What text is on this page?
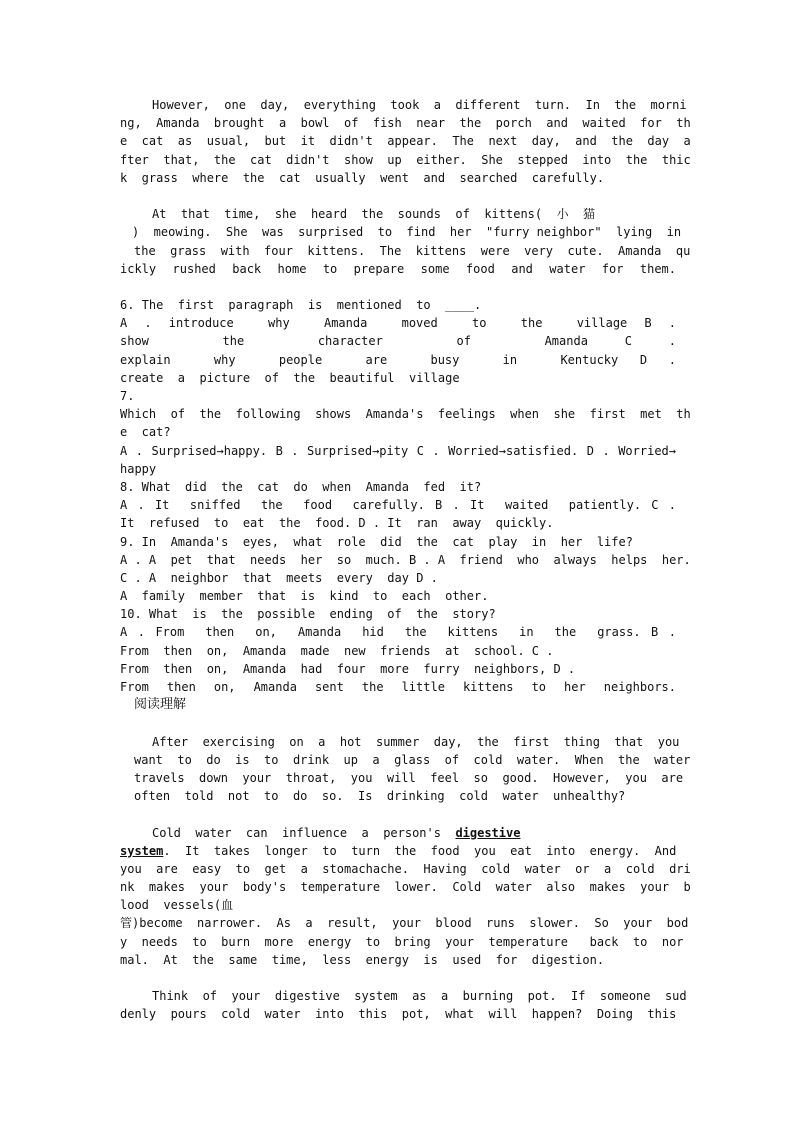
However,  one  day,  everything  took  a  different  turn.  In  the  morni
ng,  Amanda  brought  a  bowl  of  fish  near  the  porch  and  waited  for  th
e  cat  as  usual,  but  it  didn't  appear.  The  next  day,  and  the  day  a
fter  that,  the  cat  didn't  show  up  either.  She  stepped  into  the  thic
k  grass  where  the  cat  usually  went  and  searched  carefully.
At  that  time,  she  heard  the  sounds  of  kittens(  小  猫
)  meowing.  She  was  surprised  to  find  her  "furry neighbor"  lying  in
the  grass  with  four  kittens.  The  kittens  were  very  cute.  Amanda  qu
ickly  rushed  back  home  to  prepare  some  food  and  water  for  them.
6. The  first  paragraph  is  mentioned  to  ____.
A . introduce  why  Amanda  moved  to  the  village B .
show  the  character  of  Amanda C .
explain  why  people  are  busy  in  Kentucky D .
create  a  picture  of  the  beautiful  village
7.
Which  of  the  following  shows  Amanda's  feelings  when  she  first  met  th
e  cat?
A . Surprised→happy. B . Surprised→pity C . Worried→satisfied. D . Worried→
happy
8. What  did  the  cat  do  when  Amanda  fed  it?
A . It  sniffed  the  food  carefully. B . It  waited  patiently. C .
It  refused  to  eat  the  food. D . It  ran  away  quickly.
9. In  Amanda's  eyes,  what  role  did  the  cat  play  in  her  life?
A . A  pet  that  needs  her  so  much. B . A  friend  who  always  helps  her.
C . A  neighbor  that  meets  every  day D .
A  family  member  that  is  kind  to  each  other.
10. What  is  the  possible  ending  of  the  story?
A . From  then  on,  Amanda  hid  the  kittens  in  the  grass. B .
From  then  on,  Amanda  made  new  friends  at  school. C .
From  then  on,  Amanda  had  four  more  furry  neighbors, D .
From  then  on,  Amanda  sent  the  little  kittens  to  her  neighbors.
阅读理解
After  exercising  on  a  hot  summer  day,  the  first  thing  that  you
want  to  do  is  to  drink  up  a  glass  of  cold  water.  When  the  water
travels  down  your  throat,  you  will  feel  so  good.  However,  you  are
often  told  not  to  do  so.  Is  drinking  cold  water  unhealthy?
Cold  water  can  influence  a  person's  digestive
system.  It  takes  longer  to  turn  the  food  you  eat  into  energy.  And
you  are  easy  to  get  a  stomachache.  Having  cold  water  or  a  cold  dri
nk  makes  your  body's  temperature  lower.  Cold  water  also  makes  your  b
lood  vessels(血
管)become  narrower.  As  a  result,  your  blood  runs  slower.  So  your  bod
y  needs  to  burn  more  energy  to  bring  your  temperature   back  to  nor
mal.  At  the  same  time,  less  energy  is  used  for  digestion.
Think  of  your  digestive  system  as  a  burning  pot.  If  someone  sud
denly  pours  cold  water  into  this  pot,  what  will  happen?  Doing  this
